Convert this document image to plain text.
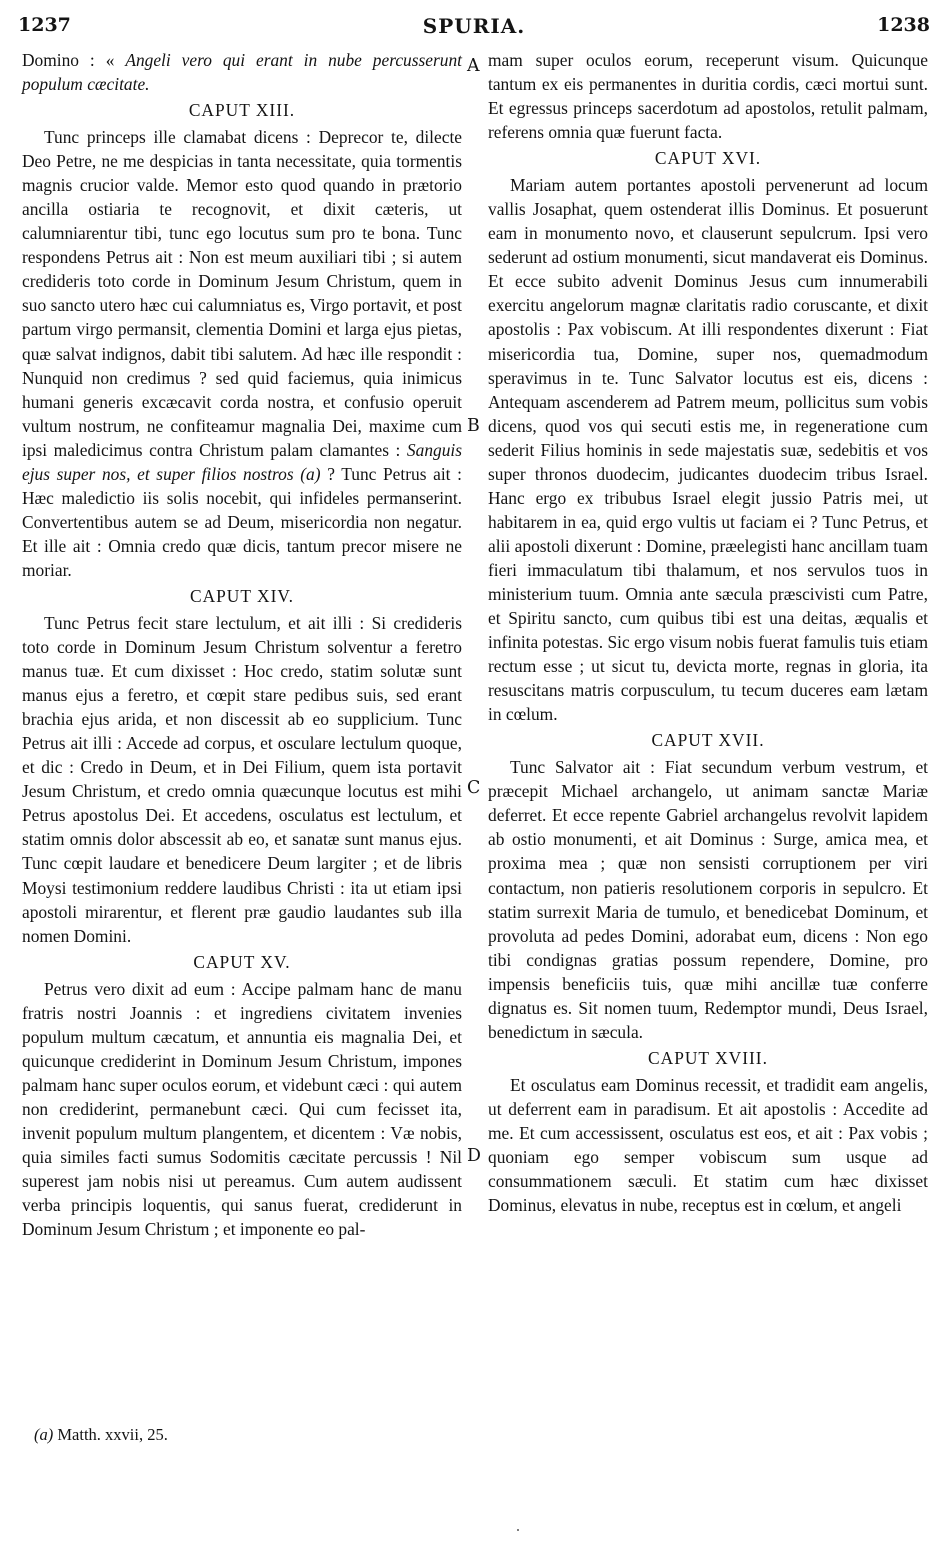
1237	SPURIA.	1238

Domino : « Angeli vero qui erant in nube percusserunt populum cæcitate.

CAPUT XIII.

Tunc princeps ille clamabat dicens : Deprecor te, dilecte Deo Petre, ne me despicias in tanta necessitate, quia tormentis magnis crucior valde. Memor esto quod quando in prætorio ancilla ostiaria te recognovit, et dixit cæteris, ut calumniarentur tibi, tunc ego locutus sum pro te bona. Tunc respondens Petrus ait : Non est meum auxiliari tibi ; si autem credideris toto corde in Dominum Jesum Christum, quem in suo sancto utero hæc cui calumniatus es, Virgo portavit, et post partum virgo permansit, clementia Domini et larga ejus pietas, quæ salvat indignos, dabit tibi salutem. Ad hæc ille respondit : Nunquid non credimus ? sed quid faciemus, quia inimicus humani generis excæcavit corda nostra, et confusio operuit vultum nostrum, ne confiteamur magnalia Dei, maxime cum ipsi maledicimus contra Christum palam clamantes : Sanguis ejus super nos, et super filios nostros (a) ? Tunc Petrus ait : Hæc maledictio iis solis nocebit, qui infideles permanserint. Convertentibus autem se ad Deum, misericordia non negatur. Et ille ait : Omnia credo quæ dicis, tantum precor misere ne moriar.

CAPUT XIV.

Tunc Petrus fecit stare lectulum, et ait illi : Si credideris toto corde in Dominum Jesum Christum solventur a feretro manus tuæ. Et cum dixisset : Hoc credo, statim solutæ sunt manus ejus a feretro, et cœpit stare pedibus suis, sed erant brachia ejus arida, et non discessit ab eo supplicium. Tunc Petrus ait illi : Accede ad corpus, et osculare lectulum quoque, et dic : Credo in Deum, et in Dei Filium, quem ista portavit Jesum Christum, et credo omnia quæcunque locutus est mihi Petrus apostolus Dei. Et accedens, osculatus est lectulum, et statim omnis dolor abscessit ab eo, et sanatæ sunt manus ejus. Tunc cœpit laudare et benedicere Deum largiter ; et de libris Moysi testimonium reddere laudibus Christi : ita ut etiam ipsi apostoli mirarentur, et flerent præ gaudio laudantes sub illa nomen Domini.

CAPUT XV.

Petrus vero dixit ad eum : Accipe palmam hanc de manu fratris nostri Joannis : et ingrediens civitatem invenies populum multum cæcatum, et annuntia eis magnalia Dei, et quicunque crediderint in Dominum Jesum Christum, impones palmam hanc super oculos eorum, et videbunt cæci : qui autem non crediderint, permanebunt cæci. Qui cum fecisset ita, invenit populum multum plangentem, et dicentem : Væ nobis, quia similes facti sumus Sodomitis cæcitate percussis ! Nil superest jam nobis nisi ut pereamus. Cum autem audissent verba principis loquentis, qui sanus fuerat, crediderunt in Dominum Jesum Christum ; et imponente eo pal-

mam super oculos eorum, receperunt visum. Quicunque tantum ex eis permanentes in duritia cordis, cæci mortui sunt. Et egressus princeps sacerdotum ad apostolos, retulit palmam, referens omnia quæ fuerunt facta.

CAPUT XVI.

Mariam autem portantes apostoli pervenerunt ad locum vallis Josaphat, quem ostenderat illis Dominus. Et posuerunt eam in monumento novo, et clauserunt sepulcrum. Ipsi vero sederunt ad ostium monumenti, sicut mandaverat eis Dominus. Et ecce subito advenit Dominus Jesus cum innumerabili exercitu angelorum magnæ claritatis radio coruscante, et dixit apostolis : Pax vobiscum. At illi respondentes dixerunt : Fiat misericordia tua, Domine, super nos, quemadmodum speravimus in te. Tunc Salvator locutus est eis, dicens : Antequam ascenderem ad Patrem meum, pollicitus sum vobis dicens, quod vos qui secuti estis me, in regeneratione cum sederit Filius hominis in sede majestatis suæ, sedebitis et vos super thronos duodecim, judicantes duodecim tribus Israel. Hanc ergo ex tribubus Israel elegit jussio Patris mei, ut habitarem in ea, quid ergo vultis ut faciam ei ? Tunc Petrus, et alii apostoli dixerunt : Domine, præelegisti hanc ancillam tuam fieri immaculatum tibi thalamum, et nos servulos tuos in ministerium tuum. Omnia ante sæcula præscivisti cum Patre, et Spiritu sancto, cum quibus tibi est una deitas, æqualis et infinita potestas. Sic ergo visum nobis fuerat famulis tuis etiam rectum esse ; ut sicut tu, devicta morte, regnas in gloria, ita resuscitans matris corpusculum, tu tecum duceres eam lætam in cœlum.

CAPUT XVII.

Tunc Salvator ait : Fiat secundum verbum vestrum, et præcepit Michael archangelo, ut animam sanctæ Mariæ deferret. Et ecce repente Gabriel archangelus revolvit lapidem ab ostio monumenti, et ait Dominus : Surge, amica mea, et proxima mea ; quæ non sensisti corruptionem per viri contactum, non patieris resolutionem corporis in sepulcro. Et statim surrexit Maria de tumulo, et benedicebat Dominum, et provoluta ad pedes Domini, adorabat eum, dicens : Non ego tibi condignas gratias possum rependere, Domine, pro impensis beneficiis tuis, quæ mihi ancillæ tuæ conferre dignatus es. Sit nomen tuum, Redemptor mundi, Deus Israel, benedictum in sæcula.

CAPUT XVIII.

Et osculatus eam Dominus recessit, et tradidit eam angelis, ut deferrent eam in paradisum. Et ait apostolis : Accedite ad me. Et cum accessissent, osculatus est eos, et ait : Pax vobis ; quoniam ego semper vobiscum sum usque ad consummationem sæculi. Et statim cum hæc dixisset Dominus, elevatus in nube, receptus est in cœlum, et angeli

A
B
C
D
(a) Matth. xxvii, 25.
